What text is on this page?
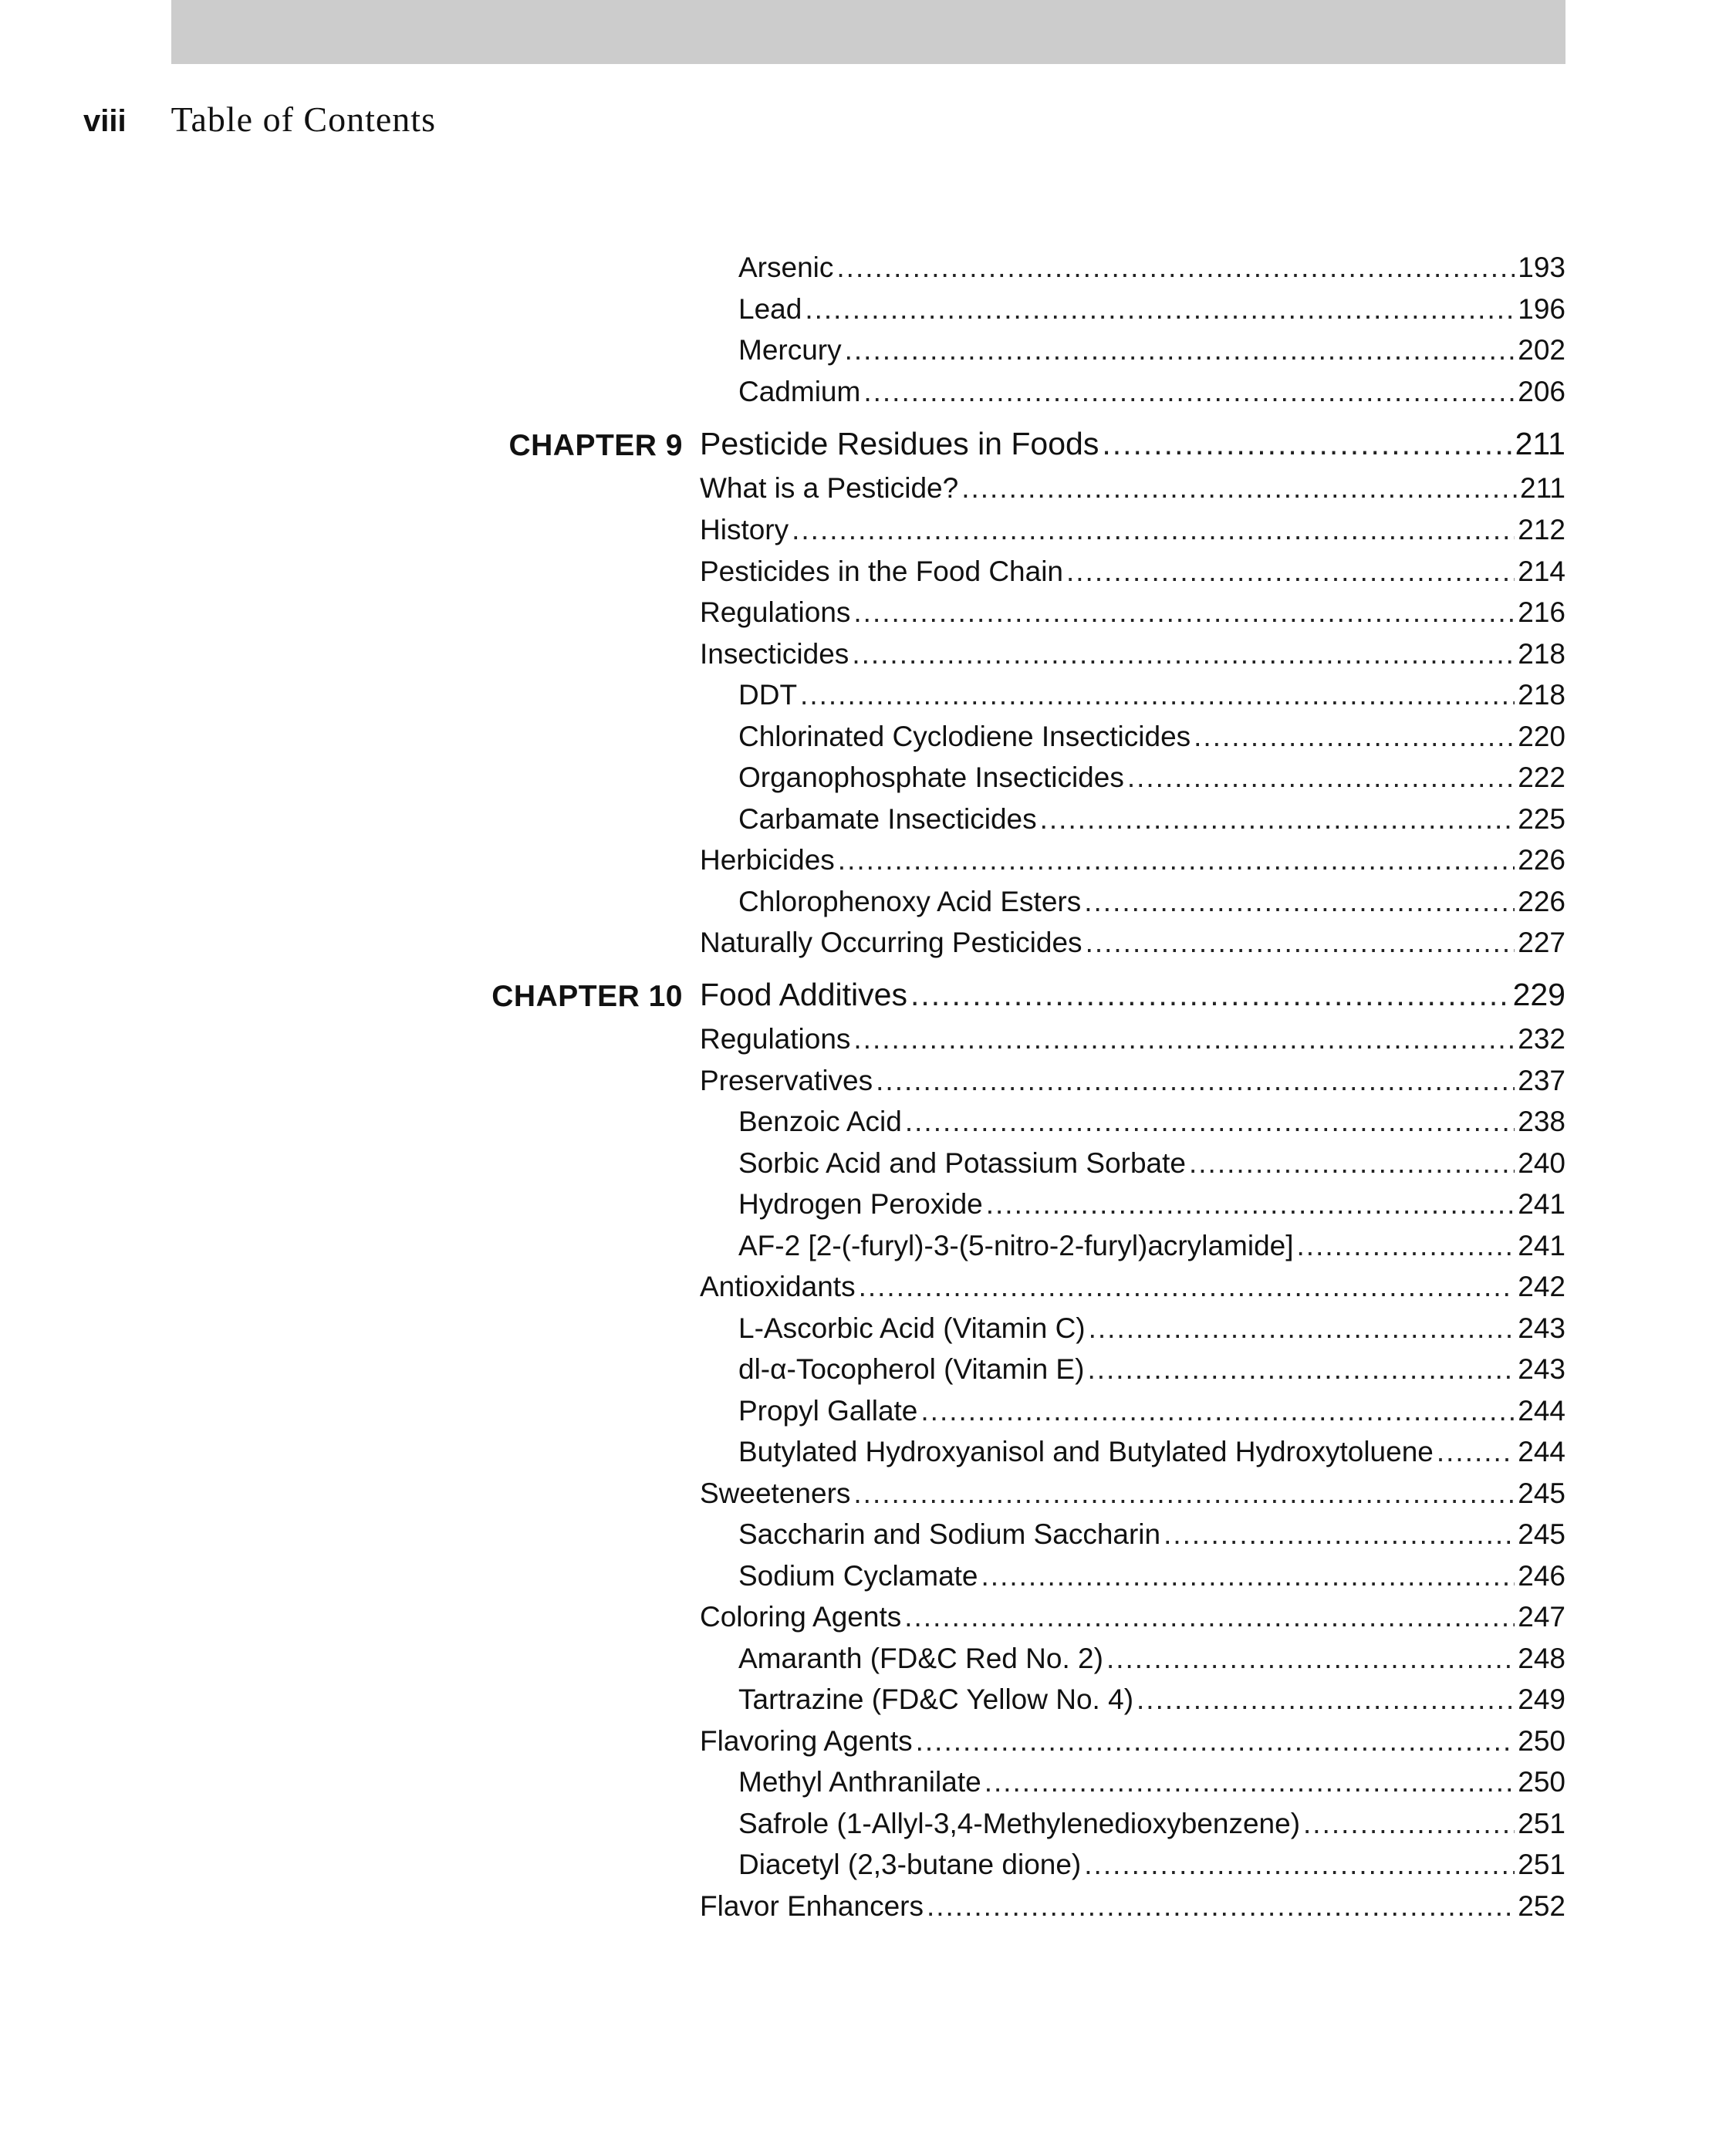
viii Table of Contents
Arsenic .....	193
Lead .....	196
Mercury .....	202
Cadmium .....	206
CHAPTER 9 Pesticide Residues in Foods .....	211
What is a Pesticide? .....	211
History .....	212
Pesticides in the Food Chain .....	214
Regulations .....	216
Insecticides .....	218
DDT .....	218
Chlorinated Cyclodiene Insecticides .....	220
Organophosphate Insecticides .....	222
Carbamate Insecticides .....	225
Herbicides .....	226
Chlorophenoxy Acid Esters .....	226
Naturally Occurring Pesticides .....	227
CHAPTER 10 Food Additives .....	229
Regulations .....	232
Preservatives .....	237
Benzoic Acid .....	238
Sorbic Acid and Potassium Sorbate .....	240
Hydrogen Peroxide .....	241
AF-2 [2-(-furyl)-3-(5-nitro-2-furyl)acrylamide] .....	241
Antioxidants .....	242
L-Ascorbic Acid (Vitamin C) .....	243
dl-α-Tocopherol (Vitamin E) .....	243
Propyl Gallate .....	244
Butylated Hydroxyanisol and Butylated Hydroxytoluene .....	244
Sweeteners .....	245
Saccharin and Sodium Saccharin .....	245
Sodium Cyclamate .....	246
Coloring Agents .....	247
Amaranth (FD&C Red No. 2) .....	248
Tartrazine (FD&C Yellow No. 4) .....	249
Flavoring Agents .....	250
Methyl Anthranilate .....	250
Safrole (1-Allyl-3,4-Methylenedioxybenzene) .....	251
Diacetyl (2,3-butane dione) .....	251
Flavor Enhancers .....	252
